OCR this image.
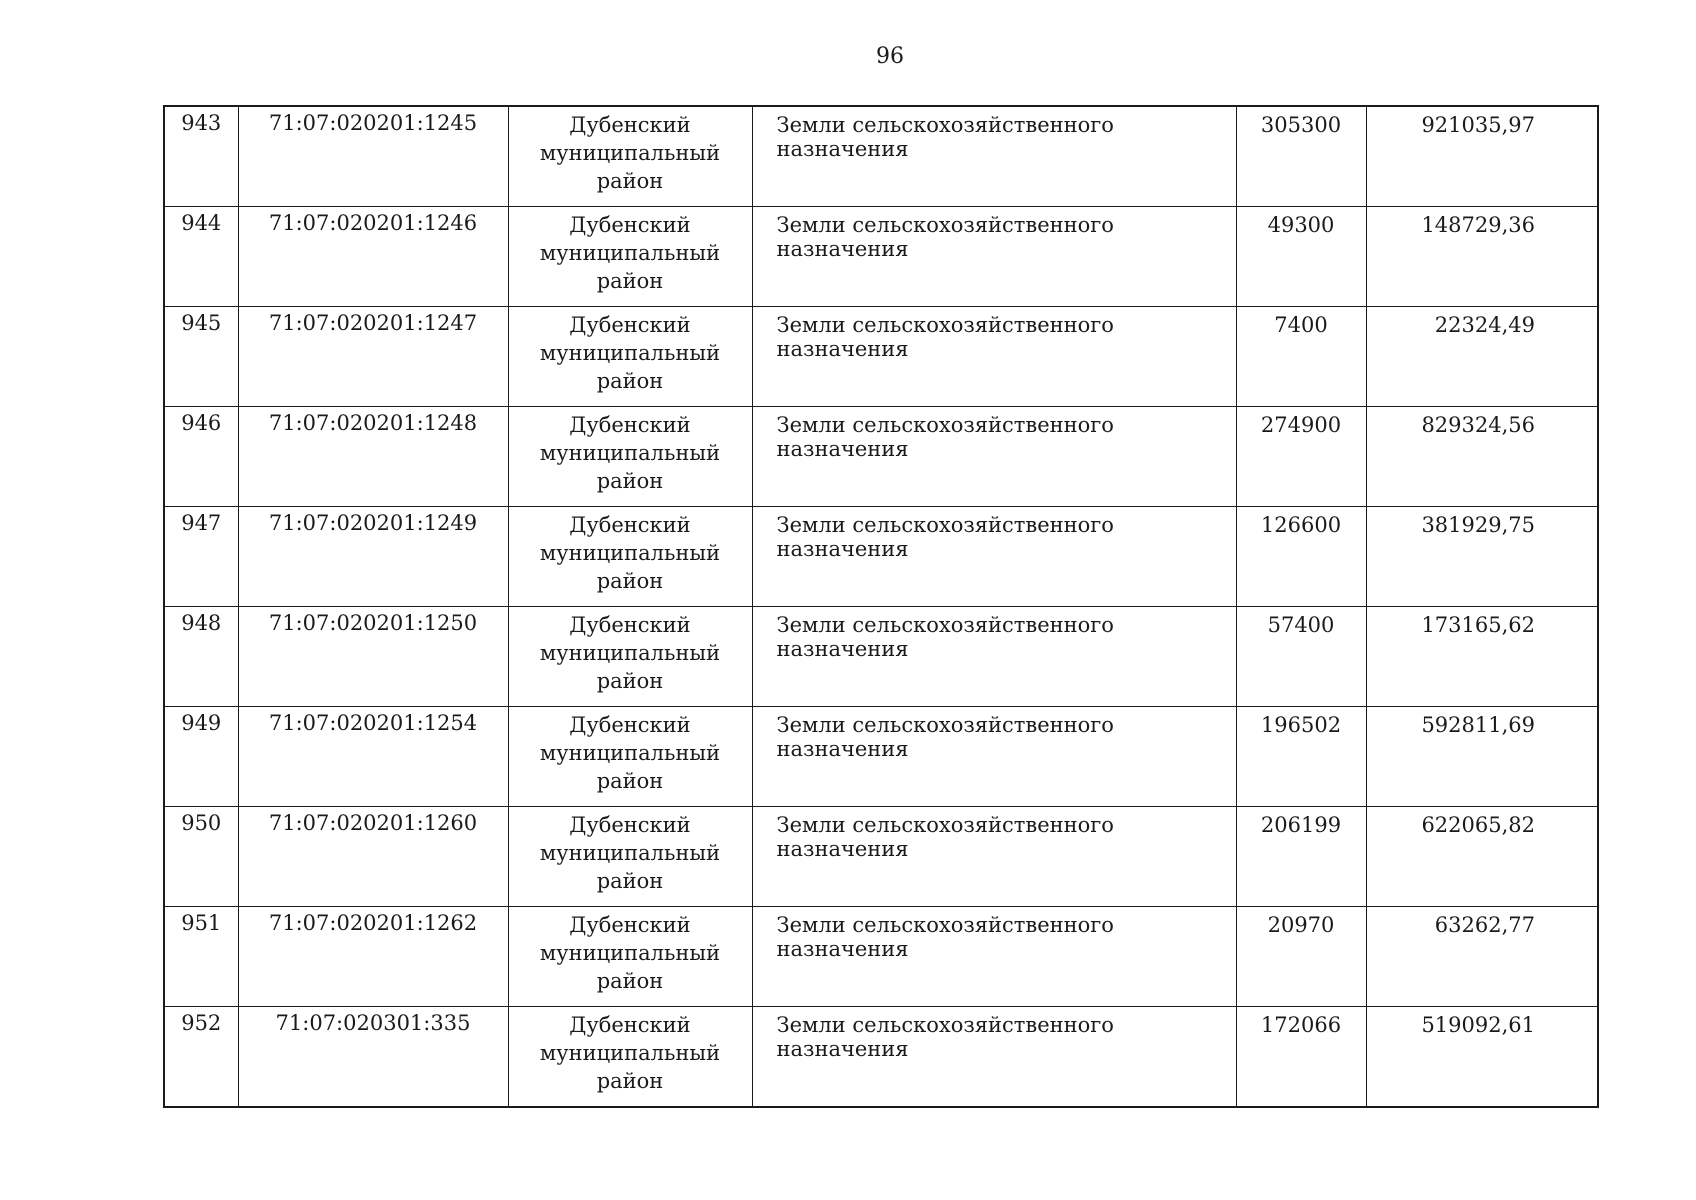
96
943	71:07:020201:1245	Дубенский
муниципальный
район	Земли сельскохозяйственного назначения	305300	921035,97
944	71:07:020201:1246	Дубенский
муниципальный
район	Земли сельскохозяйственного назначения	49300	148729,36
945	71:07:020201:1247	Дубенский
муниципальный
район	Земли сельскохозяйственного назначения	7400	22324,49
946	71:07:020201:1248	Дубенский
муниципальный
район	Земли сельскохозяйственного назначения	274900	829324,56
947	71:07:020201:1249	Дубенский
муниципальный
район	Земли сельскохозяйственного назначения	126600	381929,75
948	71:07:020201:1250	Дубенский
муниципальный
район	Земли сельскохозяйственного назначения	57400	173165,62
949	71:07:020201:1254	Дубенский
муниципальный
район	Земли сельскохозяйственного назначения	196502	592811,69
950	71:07:020201:1260	Дубенский
муниципальный
район	Земли сельскохозяйственного назначения	206199	622065,82
951	71:07:020201:1262	Дубенский
муниципальный
район	Земли сельскохозяйственного назначения	20970	63262,77
952	71:07:020301:335	Дубенский
муниципальный
район	Земли сельскохозяйственного назначения	172066	519092,61
